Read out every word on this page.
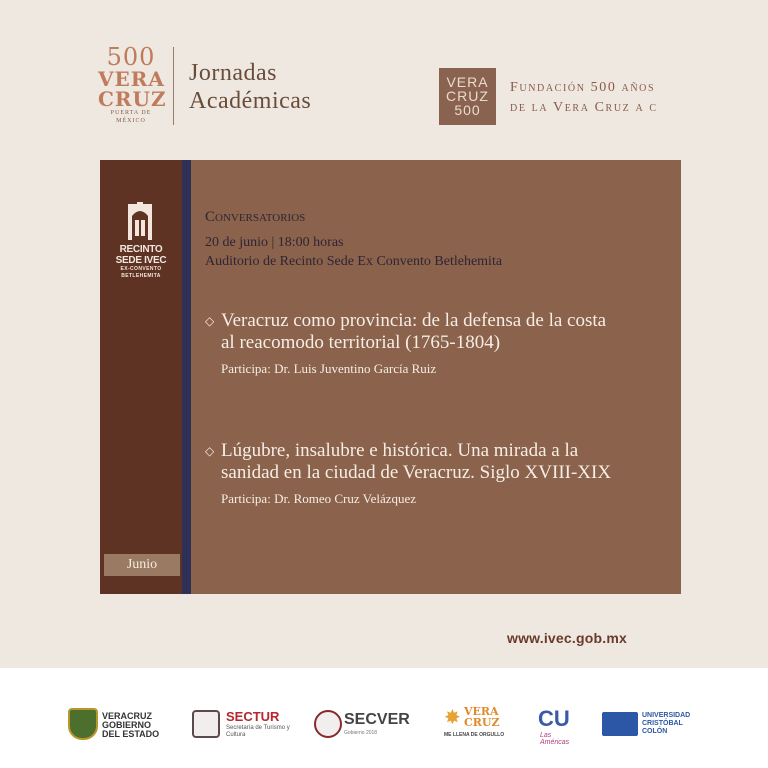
500
VERA
CRUZ
PUERTA DE MÉXICO
Jornadas
Académicas
VERA
CRUZ
500
Fundación 500 años
de la Vera Cruz a c
RECINTO SEDE IVEC
EX-CONVENTO BETLEHEMITA
Junio
Conversatorios
20 de junio | 18:00 horas
Auditorio de Recinto Sede Ex Convento Betlehemita
◇ Veracruz como provincia: de la defensa de la costa al reacomodo territorial (1765-1804)
Participa: Dr. Luis Juventino García Ruiz
◇ Lúgubre, insalubre e histórica. Una mirada a la sanidad en la ciudad de Veracruz. Siglo XVIII-XIX
Participa: Dr. Romeo Cruz Velázquez
www.ivec.gob.mx
VERACRUZ GOBIERNO DEL ESTADO
SECTUR
Secretaría de Turismo y Cultura
SECVER
Gobierno 2018
✸ VERA CRUZ
ME LLENA DE ORGULLO
CU
Las Américas
UNIVERSIDAD CRISTÓBAL COLÓN
